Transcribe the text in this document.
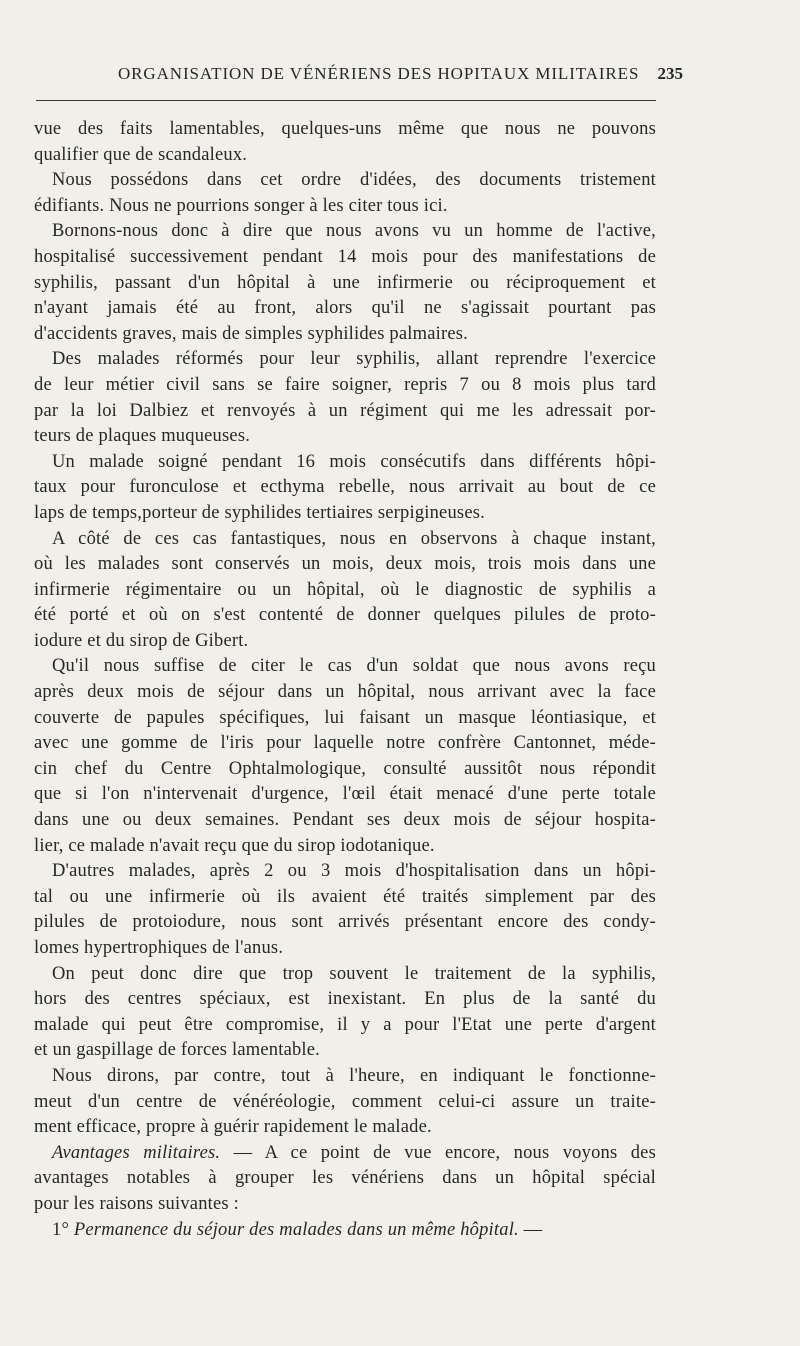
ORGANISATION DE VÉNÉRIENS DES HOPITAUX MILITAIRES 235
vue des faits lamentables, quelques-uns même que nous ne pouvons
qualifier que de scandaleux.
Nous possédons dans cet ordre d'idées, des documents tristement
édifiants. Nous ne pourrions songer à les citer tous ici.
Bornons-nous donc à dire que nous avons vu un homme de l'active,
hospitalisé successivement pendant 14 mois pour des manifestations de
syphilis, passant d'un hôpital à une infirmerie ou réciproquement et
n'ayant jamais été au front, alors qu'il ne s'agissait pourtant pas
d'accidents graves, mais de simples syphilides palmaires.
Des malades réformés pour leur syphilis, allant reprendre l'exercice
de leur métier civil sans se faire soigner, repris 7 ou 8 mois plus tard
par la loi Dalbiez et renvoyés à un régiment qui me les adressait por-
teurs de plaques muqueuses.
Un malade soigné pendant 16 mois consécutifs dans différents hôpi-
taux pour furonculose et ecthyma rebelle, nous arrivait au bout de ce
laps de temps,porteur de syphilides tertiaires serpigineuses.
A côté de ces cas fantastiques, nous en observons à chaque instant,
où les malades sont conservés un mois, deux mois, trois mois dans une
infirmerie régimentaire ou un hôpital, où le diagnostic de syphilis a
été porté et où on s'est contenté de donner quelques pilules de proto-
iodure et du sirop de Gibert.
Qu'il nous suffise de citer le cas d'un soldat que nous avons reçu
après deux mois de séjour dans un hôpital, nous arrivant avec la face
couverte de papules spécifiques, lui faisant un masque léontiasique, et
avec une gomme de l'iris pour laquelle notre confrère Cantonnet, méde-
cin chef du Centre Ophtalmologique, consulté aussitôt nous répondit
que si l'on n'intervenait d'urgence, l'œil était menacé d'une perte totale
dans une ou deux semaines. Pendant ses deux mois de séjour hospita-
lier, ce malade n'avait reçu que du sirop iodotanique.
D'autres malades, après 2 ou 3 mois d'hospitalisation dans un hôpi-
tal ou une infirmerie où ils avaient été traités simplement par des
pilules de protoiodure, nous sont arrivés présentant encore des condy-
lomes hypertrophiques de l'anus.
On peut donc dire que trop souvent le traitement de la syphilis,
hors des centres spéciaux, est inexistant. En plus de la santé du
malade qui peut être compromise, il y a pour l'Etat une perte d'argent
et un gaspillage de forces lamentable.
Nous dirons, par contre, tout à l'heure, en indiquant le fonctionne-
meut d'un centre de vénéréologie, comment celui-ci assure un traite-
ment efficace, propre à guérir rapidement le malade.
Avantages militaires. — A ce point de vue encore, nous voyons des
avantages notables à grouper les vénériens dans un hôpital spécial
pour les raisons suivantes :
1° Permanence du séjour des malades dans un même hôpital. —
